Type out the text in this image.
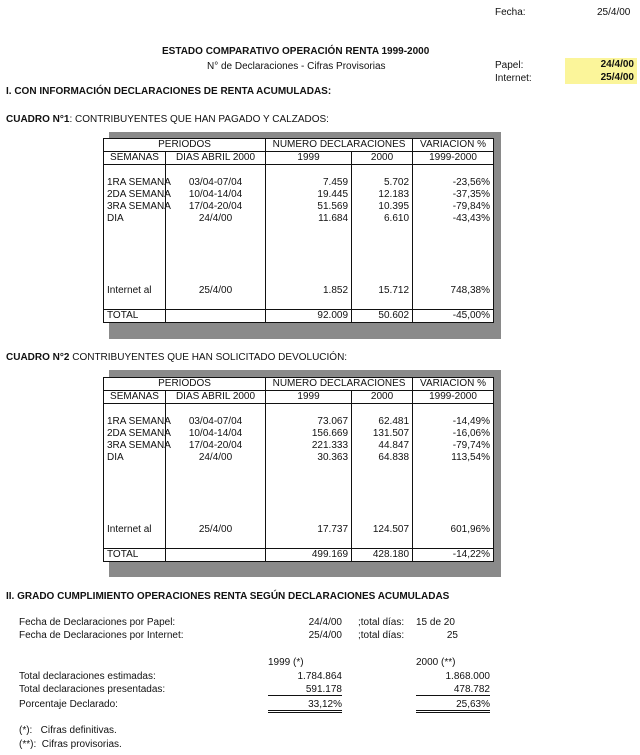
Fecha:	25/4/00
ESTADO COMPARATIVO OPERACIÓN RENTA 1999-2000
N° de Declaraciones - Cifras Provisorias	Papel:	24/4/00
Internet:	25/4/00
I. CON INFORMACIÓN DECLARACIONES DE RENTA ACUMULADAS:
CUADRO N°1: CONTRIBUYENTES QUE HAN PAGADO Y CALZADOS:
PERIODOS		NUMERO DECLARACIONES		VARIACION %
SEMANAS	DIAS ABRIL 2000	1999	2000	1999-2000

1RA SEMANA	03/04-07/04	7.459	5.702	-23,56%
2DA SEMANA	10/04-14/04	19.445	12.183	-37,35%
3RA SEMANA	17/04-20/04	51.569	10.395	-79,84%
DIA	24/4/00	11.684	6.610	-43,43%

Internet al	25/4/00	1.852	15.712	748,38%

TOTAL		92.009	50.602	-45,00%
CUADRO N°2 CONTRIBUYENTES QUE HAN SOLICITADO DEVOLUCIÓN:
PERIODOS		NUMERO DECLARACIONES		VARIACION %
SEMANAS	DIAS ABRIL 2000	1999	2000	1999-2000

1RA SEMANA	03/04-07/04	73.067	62.481	-14,49%
2DA SEMANA	10/04-14/04	156.669	131.507	-16,06%
3RA SEMANA	17/04-20/04	221.333	44.847	-79,74%
DIA	24/4/00	30.363	64.838	113,54%

Internet al	25/4/00	17.737	124.507	601,96%

TOTAL		499.169	428.180	-14,22%
II. GRADO CUMPLIMIENTO OPERACIONES RENTA SEGÚN DECLARACIONES ACUMULADAS
Fecha de Declaraciones por Papel:	24/4/00 ;total días: 15 de 20
Fecha de Declaraciones por Internet:	25/4/00 ;total días:	25
1999 (*)	2000 (**)
Total declaraciones estimadas:	1.784.864	1.868.000
Total declaraciones presentadas:	591.178	478.782
Porcentaje Declarado:	33,12%	25,63%
(*):   Cifras definitivas.
(**):  Cifras provisorias.
